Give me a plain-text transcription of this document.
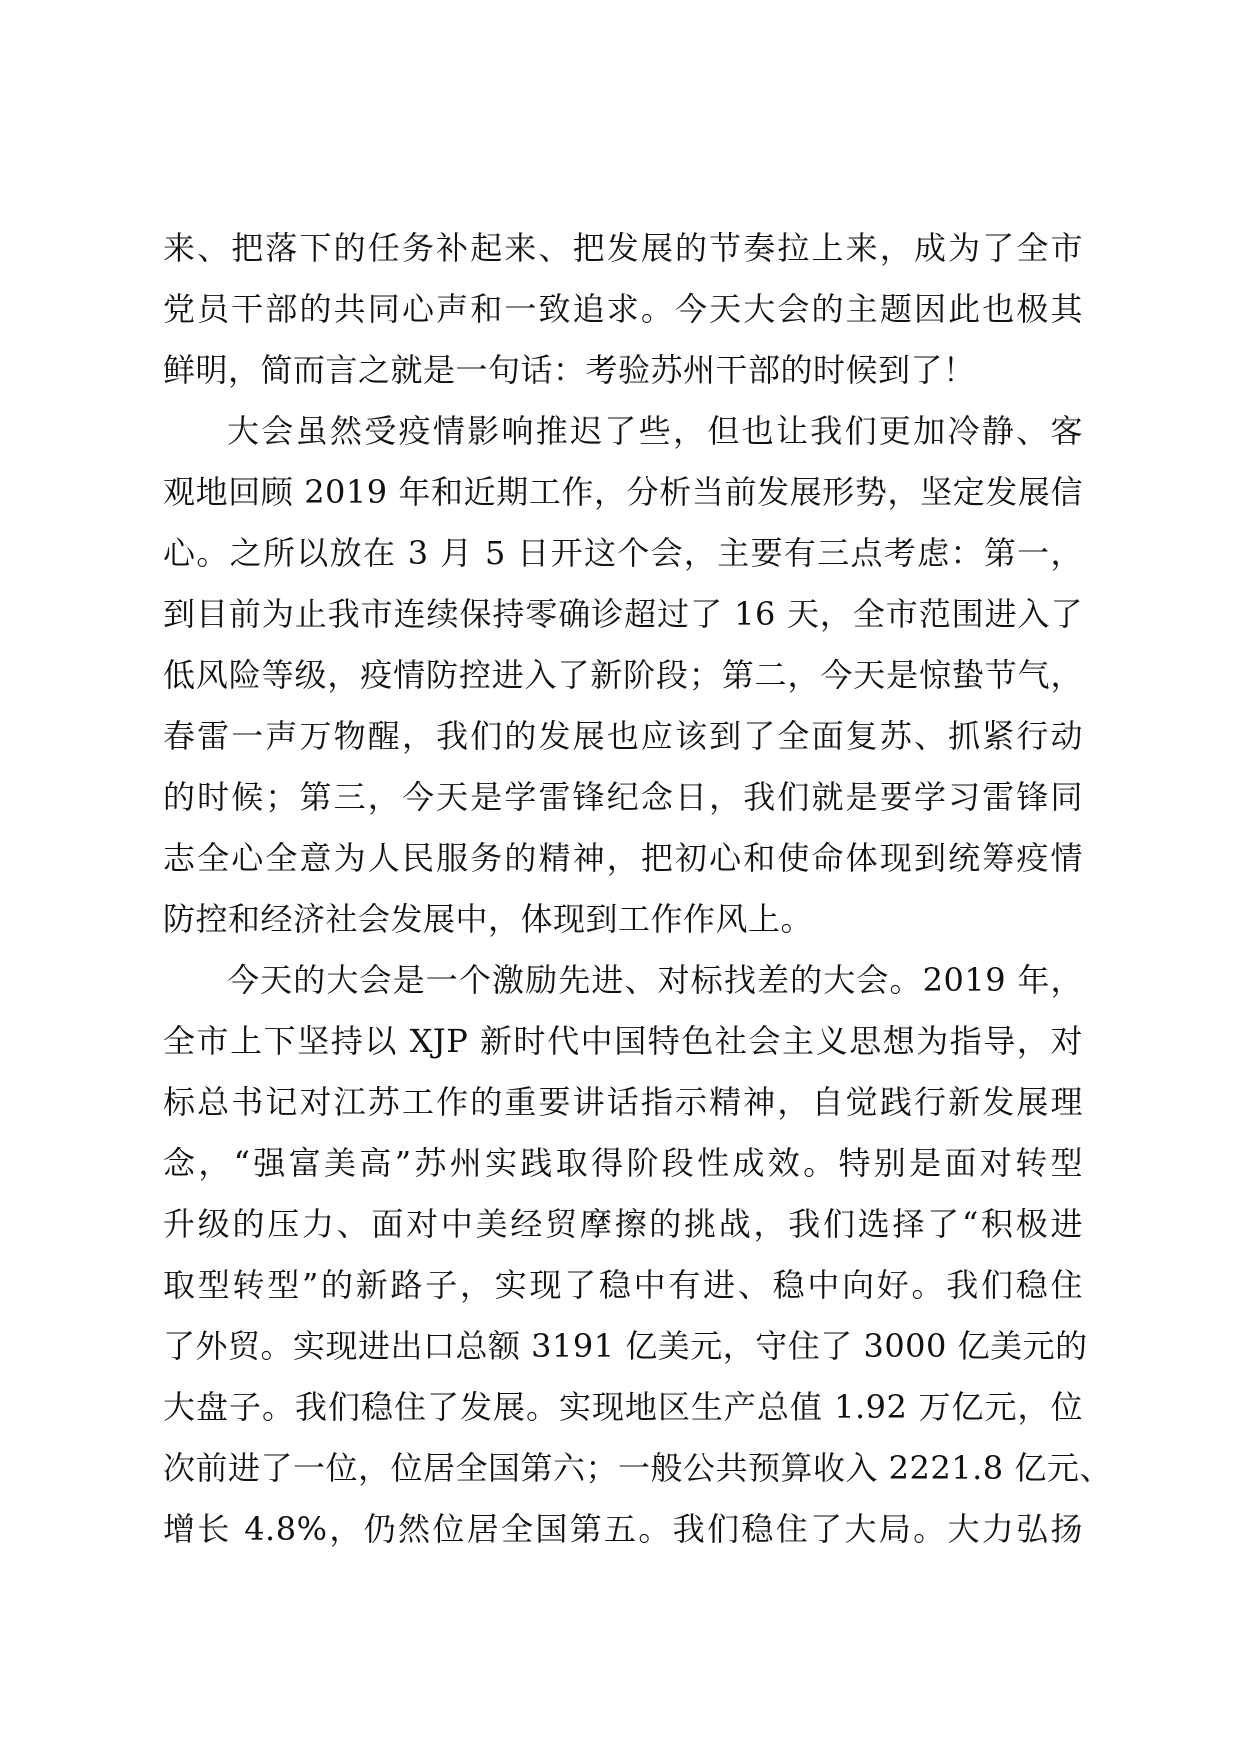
来、把落下的任务补起来、把发展的节奏拉上来，成为了全市
党员干部的共同心声和一致追求。今天大会的主题因此也极其
鲜明，简而言之就是一句话：考验苏州干部的时候到了！
大会虽然受疫情影响推迟了些，但也让我们更加冷静、客
观地回顾 2019 年和近期工作，分析当前发展形势，坚定发展信
心。之所以放在 3 月 5 日开这个会，主要有三点考虑：第一，
到目前为止我市连续保持零确诊超过了 16 天，全市范围进入了
低风险等级，疫情防控进入了新阶段；第二，今天是惊蛰节气，
春雷一声万物醒，我们的发展也应该到了全面复苏、抓紧行动
的时候；第三，今天是学雷锋纪念日，我们就是要学习雷锋同
志全心全意为人民服务的精神，把初心和使命体现到统筹疫情
防控和经济社会发展中，体现到工作作风上。
今天的大会是一个激励先进、对标找差的大会。2019 年，
全市上下坚持以 XJP 新时代中国特色社会主义思想为指导，对
标总书记对江苏工作的重要讲话指示精神，自觉践行新发展理
念，“强富美高”苏州实践取得阶段性成效。特别是面对转型
升级的压力、面对中美经贸摩擦的挑战，我们选择了“积极进
取型转型”的新路子，实现了稳中有进、稳中向好。我们稳住
了外贸。实现进出口总额 3191 亿美元，守住了 3000 亿美元的
大盘子。我们稳住了发展。实现地区生产总值 1.92 万亿元，位
次前进了一位，位居全国第六；一般公共预算收入 2221.8 亿元、
增长 4.8%，仍然位居全国第五。我们稳住了大局。大力弘扬
